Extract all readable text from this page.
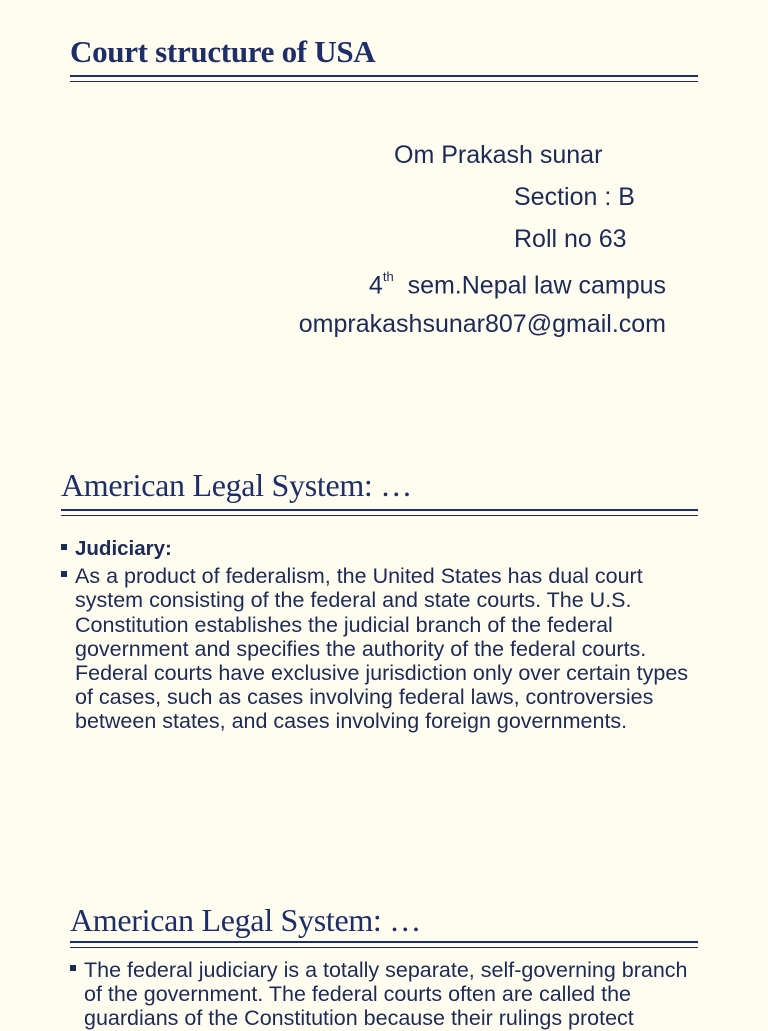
Court structure of USA
Om Prakash sunar
Section : B
Roll no 63
4th  sem.Nepal law campus
omprakashsunar807@gmail.com
American Legal System: …
Judiciary:
As a product of federalism, the United States has dual court system consisting of the federal and state courts. The U.S. Constitution establishes the judicial branch of the federal government and specifies the authority of the federal courts. Federal courts have exclusive jurisdiction only over certain types of cases, such as cases involving federal laws, controversies between states, and cases involving foreign governments.
American Legal System: …
The federal judiciary is a totally separate, self-governing branch of the government. The federal courts often are called the guardians of the Constitution because their rulings protect
